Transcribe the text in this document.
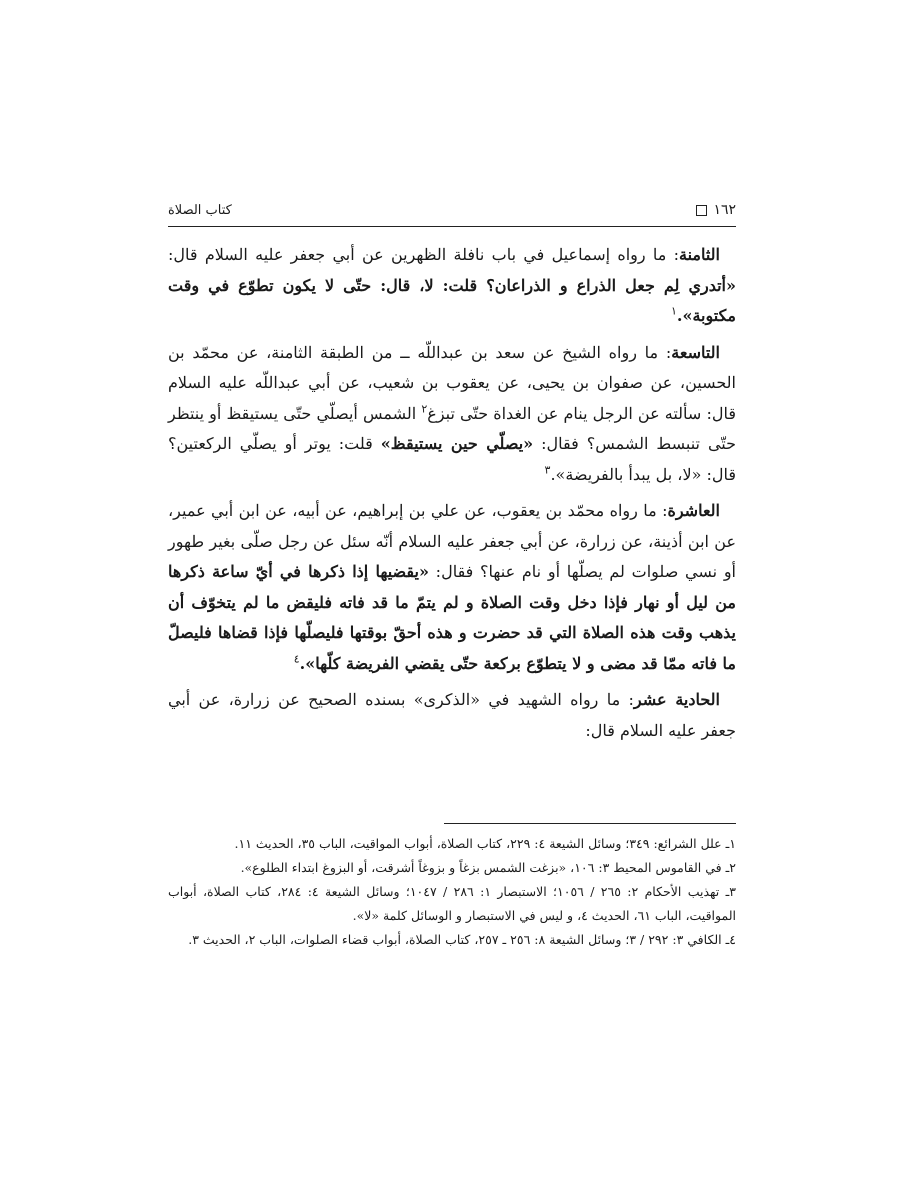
١٦٢
كتاب الصلاة

الثامنة: ما رواه إسماعيل في باب نافلة الظهرين عن أبي جعفر عليه السلام قال: «أتدري لِم جعل الذراع و الذراعان؟ قلت: لا، قال: حتّى لا يكون تطوّع في وقت مكتوبة».$^١$

التاسعة: ما رواه الشيخ عن سعد بن عبداللّه ــ من الطبقة الثامنة، عن محمّد بن الحسين، عن صفوان بن يحيى، عن يعقوب بن شعيب، عن أبي عبداللّه عليه السلام قال: سألته عن الرجل ينام عن الغداة حتّى تبزغ$^٢$ الشمس أيصلّي حتّى يستيقظ أو ينتظر حتّى تنبسط الشمس؟ فقال: «يصلّي حين يستيقظ» قلت: يوتر أو يصلّي الركعتين؟ قال: «لا، بل يبدأ بالفريضة».$^٣$

العاشرة: ما رواه محمّد بن يعقوب، عن علي بن إبراهيم، عن أبيه، عن ابن أبي عمير، عن ابن أذينة، عن زرارة، عن أبي جعفر عليه السلام أنّه سئل عن رجل صلّى بغير طهور أو نسي صلوات لم يصلّها أو نام عنها؟ فقال: «يقضيها إذا ذكرها في أيّ ساعة ذكرها من ليل أو نهار فإذا دخل وقت الصلاة و لم يتمّ ما قد فاته فليقض ما لم يتخوّف أن يذهب وقت هذه الصلاة التي قد حضرت و هذه أحقّ بوقتها فليصلّها فإذا قضاها فليصلّ ما فاته ممّا قد مضى و لا يتطوّع بركعة حتّى يقضي الفريضة كلّها».$^٤$

الحادية عشر: ما رواه الشهيد في «الذكرى» بسنده الصحيح عن زرارة، عن أبي جعفر عليه السلام قال:

١ـ علل الشرائع: ٣٤٩؛ وسائل الشيعة ٤: ٢٢٩، كتاب الصلاة، أبواب المواقيت، الباب ٣٥، الحديث ١١.

٢ـ في القاموس المحيط ٣: ١٠٦، «بزغت الشمس بزغاً و بزوغاً أشرقت، أو البزوغ ابتداء الطلوع».

٣ـ تهذيب الأحكام ٢: ٢٦٥ / ١٠٥٦؛ الاستبصار ١: ٢٨٦ / ١٠٤٧؛ وسائل الشيعة ٤: ٢٨٤، كتاب الصلاة، أبواب المواقيت، الباب ٦١، الحديث ٤، و ليس في الاستبصار و الوسائل كلمة «لا».

٤ـ الكافي ٣: ٢٩٢ / ٣؛ وسائل الشيعة ٨: ٢٥٦ ـ ٢٥٧، كتاب الصلاة، أبواب قضاء الصلوات، الباب ٢، الحديث ٣.
